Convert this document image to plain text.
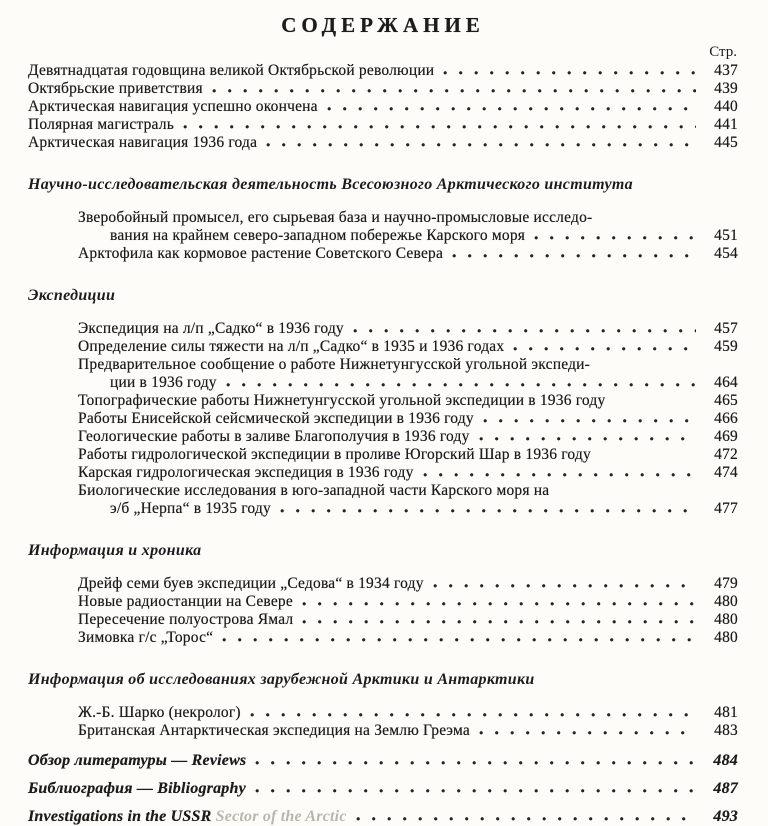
СОДЕРЖАНИЕ
Стр.
Девятнадцатая годовщина великой Октябрьской революции	437
Октябрьские приветствия	439
Арктическая навигация успешно окончена	440
Полярная магистраль	441
Арктическая навигация 1936 года	445
Научно-исследовательская деятельность Всесоюзного Арктического института
Зверобойный промысел, его сырьевая база и научно-промысловые исследо-
вания на крайнем северо-западном побережье Карского моря	451
Арктофила как кормовое растение Советского Севера	454
Экспедиции
Экспедиция на л/п „Садко“ в 1936 году	457
Определение силы тяжести на л/п „Садко“ в 1935 и 1936 годах	459
Предварительное сообщение о работе Нижнетунгусской угольной экспеди-
ции в 1936 году	464
Топографические работы Нижнетунгусской угольной экспедиции в 1936 году	465
Работы Енисейской сейсмической экспедиции в 1936 году	466
Геологические работы в заливе Благополучия в 1936 году	469
Работы гидрологической экспедиции в проливе Югорский Шар в 1936 году	472
Карская гидрологическая экспедиция в 1936 году	474
Биологические исследования в юго-западной части Карского моря на
э/б „Нерпа“ в 1935 году	477
Информация и хроника
Дрейф семи буев экспедиции „Седова“ в 1934 году	479
Новые радиостанции на Севере	480
Пересечение полуострова Ямал	480
Зимовка г/с „Торос“	480
Информация об исследованиях зарубежной Арктики и Антарктики
Ж.-Б. Шарко (некролог)	481
Британская Антарктическая экспедиция на Землю Греэма	483
Обзор литературы — Reviews	484
Библиография — Bibliography	487
Investigations in the USSR Sector of the Arctic	493
